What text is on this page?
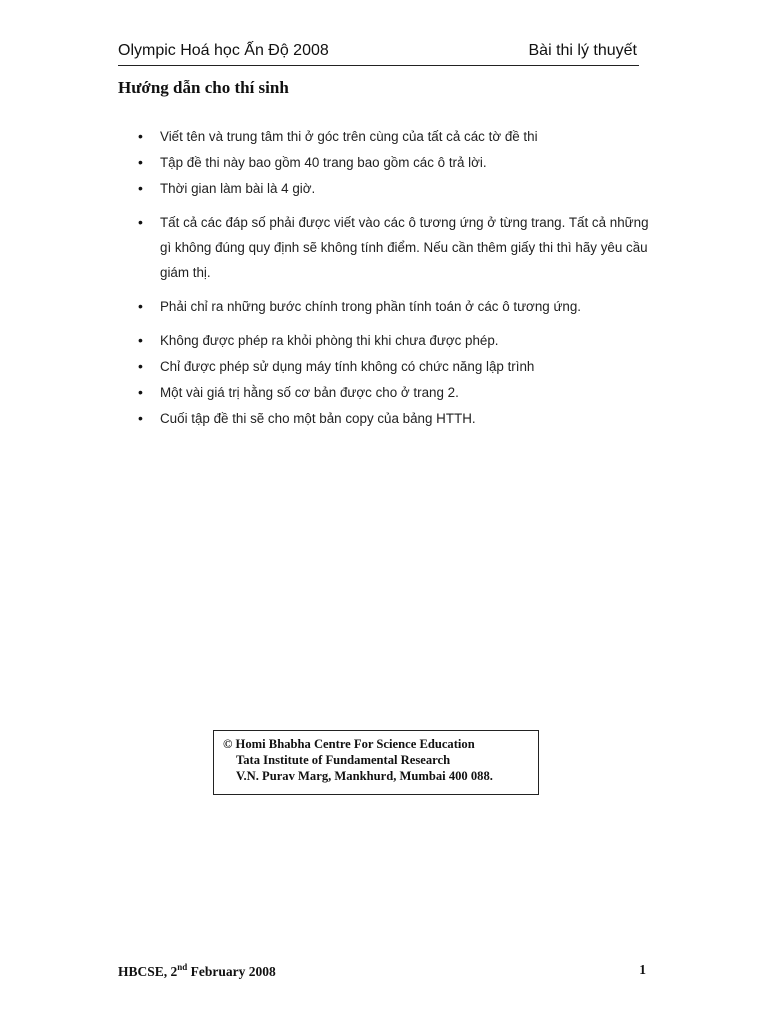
Olympic Hoá học Ấn Độ 2008	Bài thi lý thuyết
Hướng dẫn cho thí sinh
• Viết tên và trung tâm thi ở góc trên cùng của tất cả các tờ đề thi
• Tập đề thi này bao gồm 40 trang bao gồm các ô trả lời.
• Thời gian làm bài là 4 giờ.
• Tất cả các đáp số phải được viết vào các ô tương ứng ở từng trang. Tất cả những gì không đúng quy định sẽ không tính điểm. Nếu cần thêm giấy thi thì hãy yêu cầu giám thị.
• Phải chỉ ra những bước chính trong phần tính toán ở các ô tương ứng.
• Không được phép ra khỏi phòng thi khi chưa được phép.
• Chỉ được phép sử dụng máy tính không có chức năng lập trình
• Một vài giá trị hằng số cơ bản được cho ở trang 2.
• Cuối tập đề thi sẽ cho một bản copy của bảng HTTH.
© Homi Bhabha Centre For Science Education
Tata Institute of Fundamental Research
V.N. Purav Marg, Mankhurd, Mumbai 400 088.
HBCSE, 2nd February 2008	1
